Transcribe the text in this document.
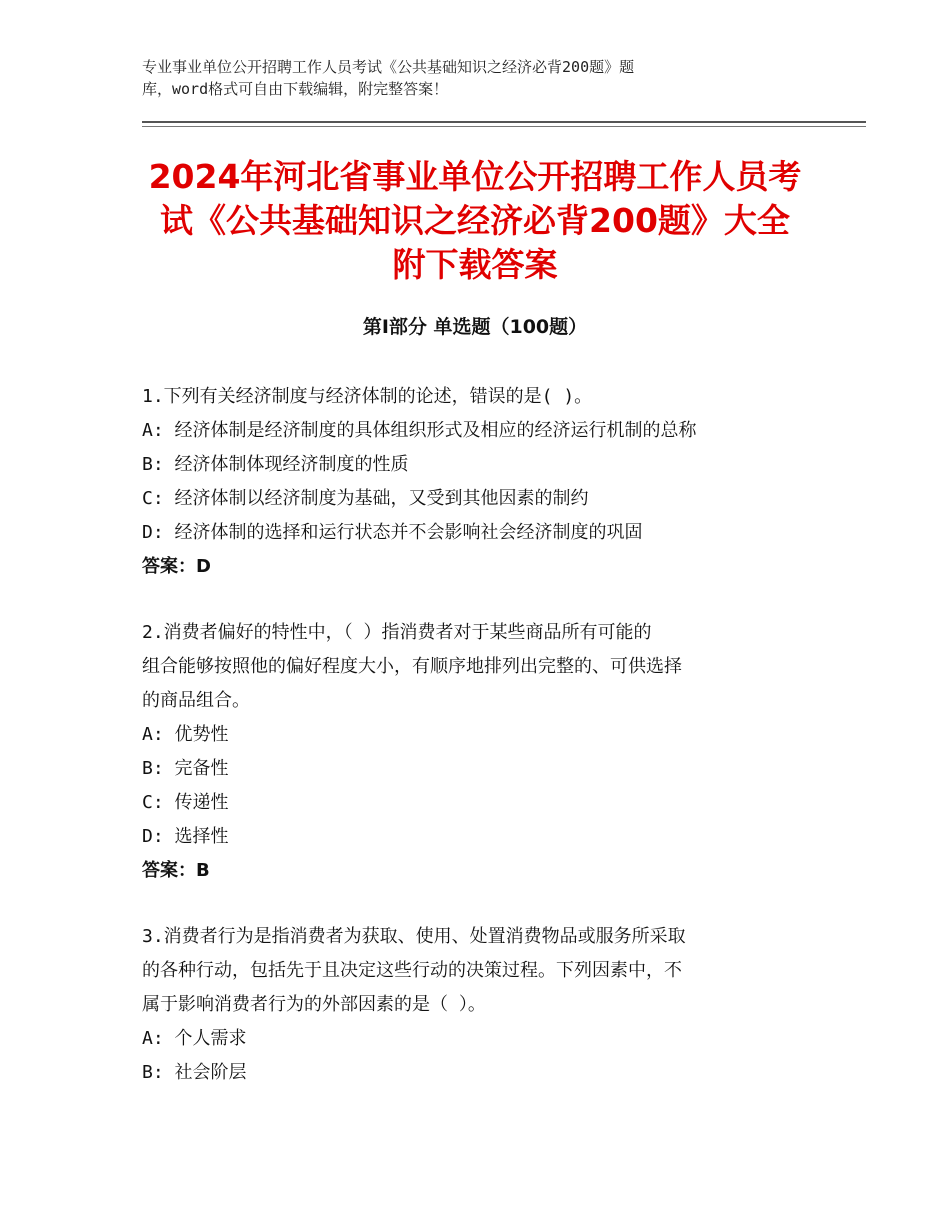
专业事业单位公开招聘工作人员考试《公共基础知识之经济必背200题》题
库，word格式可自由下载编辑，附完整答案！
2024年河北省事业单位公开招聘工作人员考
试《公共基础知识之经济必背200题》大全
附下载答案
第I部分 单选题（100题）
1.下列有关经济制度与经济体制的论述，错误的是( )。
A: 经济体制是经济制度的具体组织形式及相应的经济运行机制的总称
B: 经济体制体现经济制度的性质
C: 经济体制以经济制度为基础，又受到其他因素的制约
D: 经济体制的选择和运行状态并不会影响社会经济制度的巩固
答案：D
2.消费者偏好的特性中，（ ）指消费者对于某些商品所有可能的
组合能够按照他的偏好程度大小，有顺序地排列出完整的、可供选择
的商品组合。
A: 优势性
B: 完备性
C: 传递性
D: 选择性
答案：B
3.消费者行为是指消费者为获取、使用、处置消费物品或服务所采取
的各种行动，包括先于且决定这些行动的决策过程。下列因素中，不
属于影响消费者行为的外部因素的是（ ）。
A: 个人需求
B: 社会阶层
